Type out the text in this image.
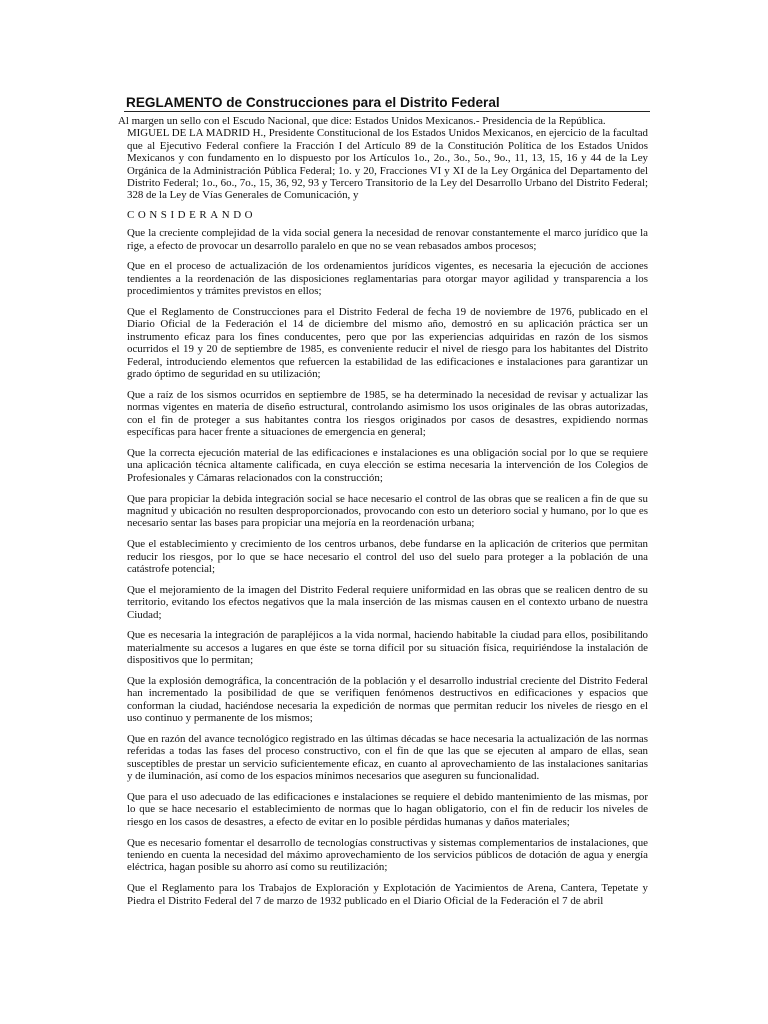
REGLAMENTO de Construcciones para el Distrito Federal

Al margen un sello con el Escudo Nacional, que dice: Estados Unidos Mexicanos.- Presidencia de la República.

MIGUEL DE LA MADRID H., Presidente Constitucional de los Estados Unidos Mexicanos, en ejercicio de la facultad que al Ejecutivo Federal confiere la Fracción I del Artículo 89 de la Constitución Política de los Estados Unidos Mexicanos y con fundamento en lo dispuesto por los Artículos 1o., 2o., 3o., 5o., 9o., 11, 13, 15, 16 y 44 de la Ley Orgánica de la Administración Pública Federal; 1o. y 20, Fracciones VI y XI de la Ley Orgánica del Departamento del Distrito Federal; 1o., 6o., 7o., 15, 36, 92, 93 y Tercero Transitorio de la Ley del Desarrollo Urbano del Distrito Federal; 328 de la Ley de Vías Generales de Comunicación, y

CONSIDERANDO

Que la creciente complejidad de la vida social genera la necesidad de renovar constantemente el marco jurídico que la rige, a efecto de provocar un desarrollo paralelo en que no se vean rebasados ambos procesos;

Que en el proceso de actualización de los ordenamientos jurídicos vigentes, es necesaria la ejecución de acciones tendientes a la reordenación de las disposiciones reglamentarias para otorgar mayor agilidad y transparencia a los procedimientos y trámites previstos en ellos;

Que el Reglamento de Construcciones para el Distrito Federal de fecha 19 de noviembre de 1976, publicado en el Diario Oficial de la Federación el 14 de diciembre del mismo año, demostró en su aplicación práctica ser un instrumento eficaz para los fines conducentes, pero que por las experiencias adquiridas en razón de los sismos ocurridos el 19 y 20 de septiembre de 1985, es conveniente reducir el nivel de riesgo para los habitantes del Distrito Federal, introduciendo elementos que refuercen la estabilidad de las edificaciones e instalaciones para garantizar un grado óptimo de seguridad en su utilización;

Que a raíz de los sismos ocurridos en septiembre de 1985, se ha determinado la necesidad de revisar y actualizar las normas vigentes en materia de diseño estructural, controlando asimismo los usos originales de las obras autorizadas, con el fin de proteger a sus habitantes contra los riesgos originados por casos de desastres, expidiendo normas específicas para hacer frente a situaciones de emergencia en general;

Que la correcta ejecución material de las edificaciones e instalaciones es una obligación social por lo que se requiere una aplicación técnica altamente calificada, en cuya elección se estima necesaria la intervención de los Colegios de Profesionales y Cámaras relacionados con la construcción;

Que para propiciar la debida integración social se hace necesario el control de las obras que se realicen a fin de que su magnitud y ubicación no resulten desproporcionados, provocando con esto un deterioro social y humano, por lo que es necesario sentar las bases para propiciar una mejoría en la reordenación urbana;

Que el establecimiento y crecimiento de los centros urbanos, debe fundarse en la aplicación de criterios que permitan reducir los riesgos, por lo que se hace necesario el control del uso del suelo para proteger a la población de una catástrofe potencial;

Que el mejoramiento de la imagen del Distrito Federal requiere uniformidad en las obras que se realicen dentro de su territorio, evitando los efectos negativos que la mala inserción de las mismas causen en el contexto urbano de nuestra Ciudad;

Que es necesaria la integración de parapléjicos a la vida normal, haciendo habitable la ciudad para ellos, posibilitando materialmente su accesos a lugares en que éste se torna difícil por su situación física, requiriéndose la instalación de dispositivos que lo permitan;

Que la explosión demográfica, la concentración de la población y el desarrollo industrial creciente del Distrito Federal han incrementado la posibilidad de que se verifiquen fenómenos destructivos en edificaciones y espacios que conforman la ciudad, haciéndose necesaria la expedición de normas que permitan reducir los niveles de riesgo en el uso continuo y permanente de los mismos;

Que en razón del avance tecnológico registrado en las últimas décadas se hace necesaria la actualización de las normas referidas a todas las fases del proceso constructivo, con el fin de que las que se ejecuten al amparo de ellas, sean susceptibles de prestar un servicio suficientemente eficaz, en cuanto al aprovechamiento de las instalaciones sanitarias y de iluminación, así como de los espacios mínimos necesarios que aseguren su funcionalidad.

Que para el uso adecuado de las edificaciones e instalaciones se requiere el debido mantenimiento de las mismas, por lo que se hace necesario el establecimiento de normas que lo hagan obligatorio, con el fin de reducir los niveles de riesgo en los casos de desastres, a efecto de evitar en lo posible pérdidas humanas y daños materiales;

Que es necesario fomentar el desarrollo de tecnologías constructivas y sistemas complementarios de instalaciones, que teniendo en cuenta la necesidad del máximo aprovechamiento de los servicios públicos de dotación de agua y energía eléctrica, hagan posible su ahorro así como su reutilización;

Que el Reglamento para los Trabajos de Exploración y Explotación de Yacimientos de Arena, Cantera, Tepetate y Piedra el Distrito Federal del 7 de marzo de 1932 publicado en el Diario Oficial de la Federación el 7 de abril
